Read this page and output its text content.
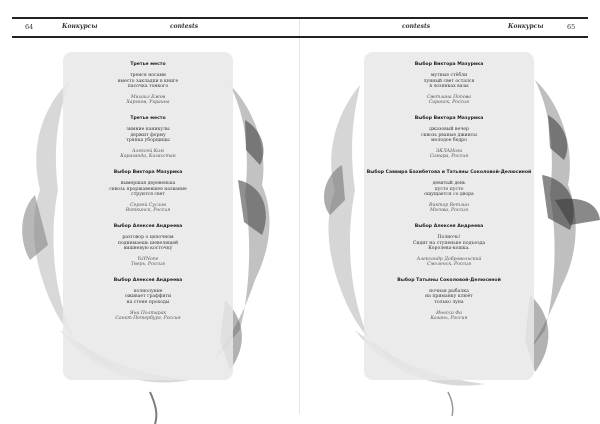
64	Конкурсы	contests
Третье место
тренся носами
вместо закладки в книге
пасочка тонкого
Михаил Ежов
Харьков, Украина
Третье место
зимние каникулы
держит форму
тряпка уборщицы
Алексей Ким
Караганда, Казахстан
Выбор Виктора Мазурика
вымершая деревенька
сквозь проржавевшее название
струится свет
Сергей Суслов
Воткинск, Россия
Выбор Алексея Андреева
разговор о цепочном
поднимаешь шевелящей
вишневую косточку
YaYNone
Тверь, Россия
Выбор Алексея Андреева
полнолуние
оживает граффити
на стене проходы
Яна Полтарак
Санкт-Петербург, Россия
contests	Конкурсы	65
Выбор Виктора Мазурика
мутные стёбли
лунный свет остался
в лозянках вазы
Светлана Попова
Саранск, Россия
Выбор Виктора Мазурика
джазовый вечер
сквозь рваные джинсы
молодое бедро
ЭКЛАНоги
Самара, Россия
Выбор Саввира Бахибетова и Татьяны Соколовой-Делюсиной
девятый день
пусто пусто
ощущается со двора
Виктор Ветлин
Москва, Россия
Выбор Алексея Андреева
Полночь!
Сидит на ступеньке подъезда
Королева-кошка.
Александр Добровольский
Смоленск, Россия
Выбор Татьяны Соколовой-Делюсиной
ночная рыбалка
на приманку клюёт
только луна
Инесса Фа
Казань, Россия
